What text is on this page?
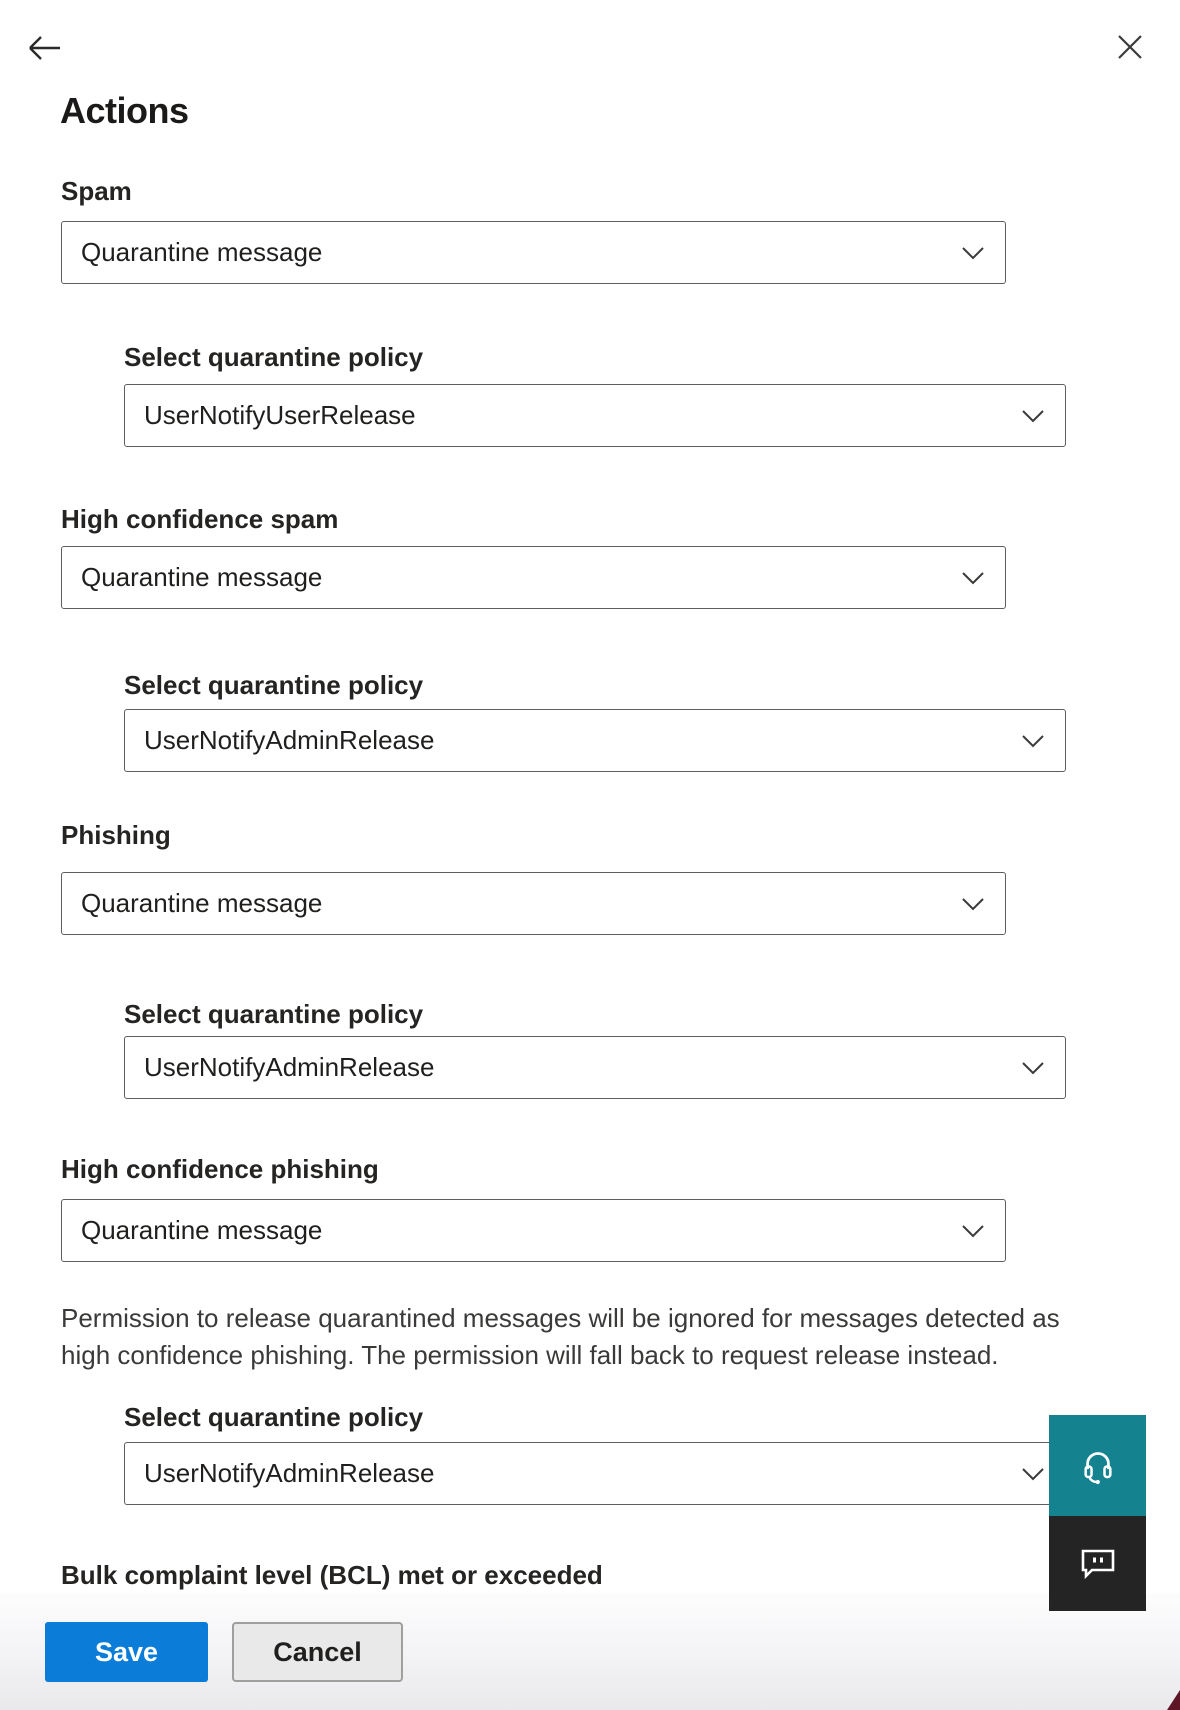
Actions

Spam

Quarantine message

Select quarantine policy

UserNotifyUserRelease

High confidence spam

Quarantine message

Select quarantine policy

UserNotifyAdminRelease

Phishing

Quarantine message

Select quarantine policy

UserNotifyAdminRelease

High confidence phishing

Quarantine message

Permission to release quarantined messages will be ignored for messages detected as
high confidence phishing. The permission will fall back to request release instead.

Select quarantine policy

UserNotifyAdminRelease

Bulk complaint level (BCL) met or exceeded

Save	Cancel
